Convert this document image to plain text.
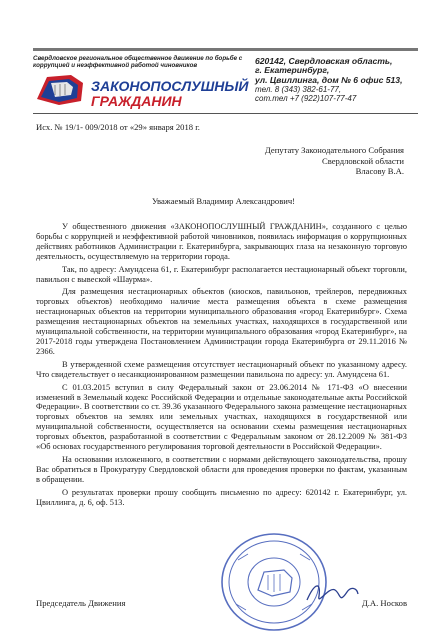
Свердловское региональное общественное движение по борьбе с коррупцией и неэффективной работой чиновников
ЗАКОНОПОСЛУШНЫЙ
ГРАЖДАНИН
620142, Свердловская область,
г. Екатеринбург,
ул. Цвиллинга, дом № 6 офис 513,
тел. 8 (343) 382-61-77,
сот.тел +7 (922)107-77-47
Исх. № 19/1- 009/2018 от «29» января 2018 г.
Депутату Законодательного Собрания
Свердловской области
Власову В.А.
Уважаемый Владимир Александрович!

У общественного движения «ЗАКОНОПОСЛУШНЫЙ ГРАЖДАНИН», созданного с целью борьбы с коррупцией и неэффективной работой чиновников, появилась информация о коррупционных действиях работников Администрации г. Екатеринбурга, закрывающих глаза на незаконную торговую деятельность, осуществляемую на территории города.

Так, по адресу: Амундсена 61, г. Екатеринбург располагается нестационарный объект торговли, павильон с вывеской «Шаурма».

Для размещения нестационарных объектов (киосков, павильонов, трейлеров, передвижных торговых объектов) необходимо наличие места размещения объекта в схеме размещения нестационарных объектов на территории муниципального образования «город Екатеринбург». Схема размещения нестационарных объектов на земельных участках, находящихся в государственной или муниципальной собственности, на территории муниципального образования «город Екатеринбург», на 2017-2018 годы утверждена Постановлением Администрации города Екатеринбурга от 29.11.2016 № 2366.

В утвержденной схеме размещения отсутствует нестационарный объект по указанному адресу. Что свидетельствует о несанкционированном размещении павильона по адресу: ул. Амундсена 61.

С 01.03.2015 вступил в силу Федеральный закон от 23.06.2014 № 171-ФЗ «О внесении изменений в Земельный кодекс Российской Федерации и отдельные законодательные акты Российской Федерации». В соответствии со ст. 39.36 указанного Федерального закона размещение нестационарных торговых объектов на землях или земельных участках, находящихся в государственной или муниципальной собственности, осуществляется на основании схемы размещения нестационарных торговых объектов, разработанной в соответствии с Федеральным законом от 28.12.2009 № 381-ФЗ «Об основах государственного регулирования торговой деятельности в Российской Федерации».

На основании изложенного, в соответствии с нормами действующего законодательства, прошу Вас обратиться в Прокуратуру Свердловской области для проведения проверки по фактам, указанным в обращении.

О результатах проверки прошу сообщить письменно по адресу: 620142 г. Екатеринбург, ул. Цвиллинга, д. 6, оф. 513.

Председатель Движения	Д.А. Носков
